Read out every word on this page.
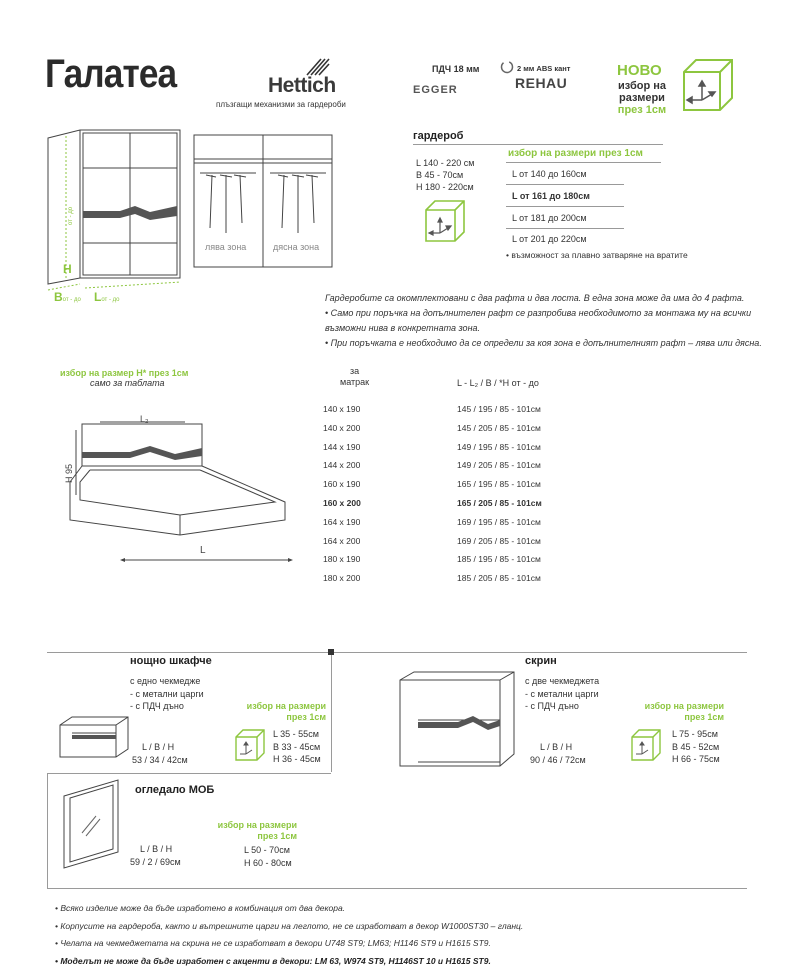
Галатеа	Hettich
плъзгащи механизми за гардероби
ПДЧ 18 мм
EGGER
2 мм ABS кант
REHAU
НОВО
избор на
размери
през 1см
H
от - до
Bот - до Lот - до
лява зона	дясна зона
гардероб
L 140 - 220 см
B 45 - 70см
H 180 - 220см
избор на размери през 1см
L от 140 до 160см
L от 161 до 180см
L от 181 до 200см
L от 201 до 220см
• възможност за плавно затваряне на вратите
Гардеробите са окомплектовани с два рафта и два лоста. В една зона може да има до 4 рафта.
• Само при поръчка на допълнителен рафт се разпробива необходимото за монтажа му на всички
възможни нива в конкретната зона.
• При поръчката е необходимо да се определи за коя зона е допълнителният рафт – лява или дясна.
избор на размер H* през 1см
само за таблата
L₂
H 95
L
за
матрак	L - L₂ / B / *H от - до
140 x 190	145 / 195 / 85 - 101см
140 x 200	145 / 205 / 85 - 101см
144 x 190	149 / 195 / 85 - 101см
144 x 200	149 / 205 / 85 - 101см
160 x 190	165 / 195 / 85 - 101см
160 x 200	165 / 205 / 85 - 101см
164 x 190	169 / 195 / 85 - 101см
164 x 200	169 / 205 / 85 - 101см
180 x 190	185 / 195 / 85 - 101см
180 x 200	185 / 205 / 85 - 101см
нощно шкафче
с едно чекмедже
- с метални царги
- с ПДЧ дъно
L / B / H
53 / 34 / 42см
избор на размери
през 1см
L 35 - 55см
B 33 - 45см
H 36 - 45см
скрин
с две чекмеджета
- с метални царги
- с ПДЧ дъно
L / B / H
90 / 46 / 72см
избор на размери
през 1см
L 75 - 95см
B 45 - 52см
H 66 - 75см
огледало МОБ
L / B / H
59 / 2 / 69см
избор на размери
през 1см
L 50 - 70см
H 60 - 80см
• Всяко изделие може да бъде изработено в комбинация от два декора.
• Корпусите на гардероба, както и вътрешните царги на леглото, не се изработват в декор W1000ST30 – гланц.
• Челата на чекмеджетата на скрина не се изработват в декори U748 ST9; LM63; H1146 ST9 и H1615 ST9.
• Моделът не може да бъде изработен с акценти в декори: LM 63, W974 ST9, H1146ST 10 и H1615 ST9.
